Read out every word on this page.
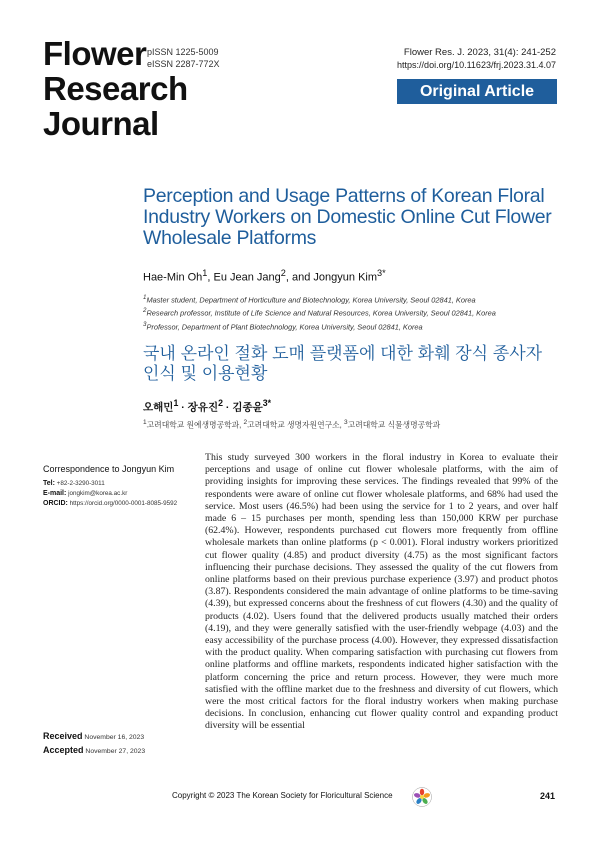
Flower
Research
Journal
pISSN 1225-5009
eISSN 2287-772X
Flower Res. J. 2023, 31(4): 241-252
https://doi.org/10.11623/frj.2023.31.4.07
Original Article
Perception and Usage Patterns of Korean Floral Industry Workers on Domestic Online Cut Flower Wholesale Platforms
Hae-Min Oh$^1$, Eu Jean Jang$^2$, and Jongyun Kim$^{3*}$
$^1$Master student, Department of Horticulture and Biotechnology, Korea University, Seoul 02841, Korea
$^2$Research professor, Institute of Life Science and Natural Resources, Korea University, Seoul 02841, Korea
$^3$Professor, Department of Plant Biotechnology, Korea University, Seoul 02841, Korea
국내 온라인 절화 도매 플랫폼에 대한 화훼 장식 종사자 인식 및 이용현황
오해민$^1$ · 장유진$^2$ · 김종윤$^{3*}$
$^1$고려대학교 원예생명공학과, $^2$고려대학교 생명자원연구소, $^3$고려대학교 식물생명공학과
Correspondence to Jongyun Kim
Tel: +82-2-3290-3011
E-mail: jongkim@korea.ac.kr
ORCID: https://orcid.org/0000-0001-8085-9592
Received November 16, 2023
Accepted November 27, 2023

This study surveyed 300 workers in the floral industry in Korea to evaluate their perceptions and usage of online cut flower wholesale platforms, with the aim of providing insights for improving these services. The findings revealed that 99% of the respondents were aware of online cut flower wholesale platforms, and 68% had used the service. Most users (46.5%) had been using the service for 1 to 2 years, and over half made 6 – 15 purchases per month, spending less than 150,000 KRW per purchase (62.4%). However, respondents purchased cut flowers more frequently from offline wholesale markets than online platforms (p < 0.001). Floral industry workers prioritized cut flower quality (4.85) and product diversity (4.75) as the most significant factors influencing their purchase decisions. They assessed the quality of the cut flowers from online platforms based on their previous purchase experience (3.97) and product photos (3.87). Respondents considered the main advantage of online platforms to be time-saving (4.39), but expressed concerns about the freshness of cut flowers (4.30) and the quality of products (4.02). Users found that the delivered products usually matched their orders (4.19), and they were generally satisfied with the user-friendly webpage (4.03) and the easy accessibility of the purchase process (4.00). However, they expressed dissatisfaction with the product quality. When comparing satisfaction with purchasing cut flowers from online platforms and offline markets, respondents indicated higher satisfaction with the platform concerning the price and return process. However, they were much more satisfied with the offline market due to the freshness and diversity of cut flowers, which were the most critical factors for the floral industry workers when making purchase decisions. In conclusion, enhancing cut flower quality control and expanding product diversity will be essential

Copyright © 2023 The Korean Society for Floricultural Science	241
